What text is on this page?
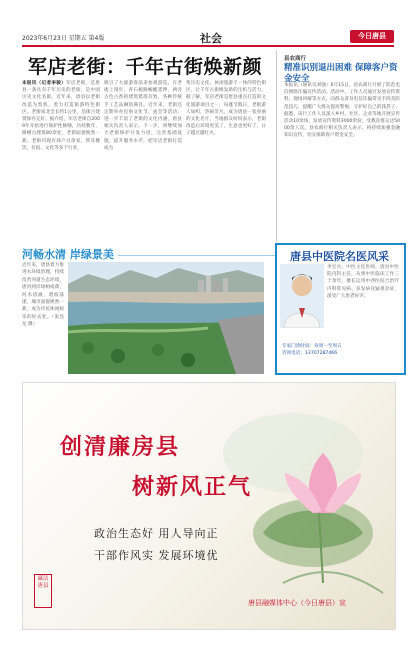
2023年6月23日 星期五 第4版	社会	今日唐县
军店老街：千年古街焕新颜
本报讯（记者李骏）军店老街，是唐县一条具有千年历史的老街，是中国历史文化名街，近年来，唐县以老街改造为契机，着力打造旅游特色街区。老街南北全长约1公里，沿街古建筑保存完好。据介绍，军店老街自2009年开始进行保护性修缮，历经数年，修缮古建筑80余处，老街面貌焕然一新。老街内现有商户百余家，涉及餐饮、住宿、文化等多个行业，
吸引了大量游客前来参观游览。在老街上漫步，青石板路蜿蜒延伸，两旁古色古香的建筑错落有致，各种传统手工艺品琳琅满目。近年来，老街还定期举办民俗文化节、庙会等活动，进一步丰富了老街的文化内涵。唐县相关负责人表示，下一步，将继续加大老街保护开发力度，完善基础设施，提升服务水平，把军店老街打造成为
集历史文化、休闲旅游于一体的特色街区，让千年古街焕发新的生机与活力。据了解，军店老街是唐县重点打造的文化旅游项目之一，每逢节假日，老街游人如织，热闹非凡，成为唐县一张亮丽的文化名片。当地群众纷纷表示，老街改造后环境更美了，生意也更好了，日子越过越红火。
县农商行
精准识别退出困难 保障客户资金安全
本报讯（通讯员刘强）6月15日，县农商行开展了防范电信网络诈骗宣传活动。活动中，工作人员通过发放宣传资料、现场讲解等方式，向群众普及电信诈骗常见手段及防范技巧，提醒广大群众提高警惕，守护好自己的钱袋子。据悉，该行工作人员深入乡村、社区、企业等地开展宣传活动10余场，发放宣传资料3000余份，受教育群众达5000余人次。县农商行相关负责人表示，将持续加强金融知识宣传，切实保障客户资金安全。
河畅水清 岸绿景美
近年来，唐县着力推进水环境治理，持续改善河道生态环境，唐河两岸绿树成荫，河水清澈，碧波荡漾，城市面貌焕然一新，成为市民休闲娱乐的好去处。（张昌龙 摄）
唐县中医院名医风采
李宏兵，中医主任医师，唐县中医院内科主任，从事中医临床工作三十余年，擅长运用中西医结合治疗内科常见病、多发病及疑难杂症，深受广大患者好评。
专家门诊时间：每周一至周五
咨询电话：13707287466
创清廉房县
树新风正气
政治生态好 用人导向正
干部作风实 发展环境优
廉洁唐县
唐县融媒体中心（今日唐县）宣
